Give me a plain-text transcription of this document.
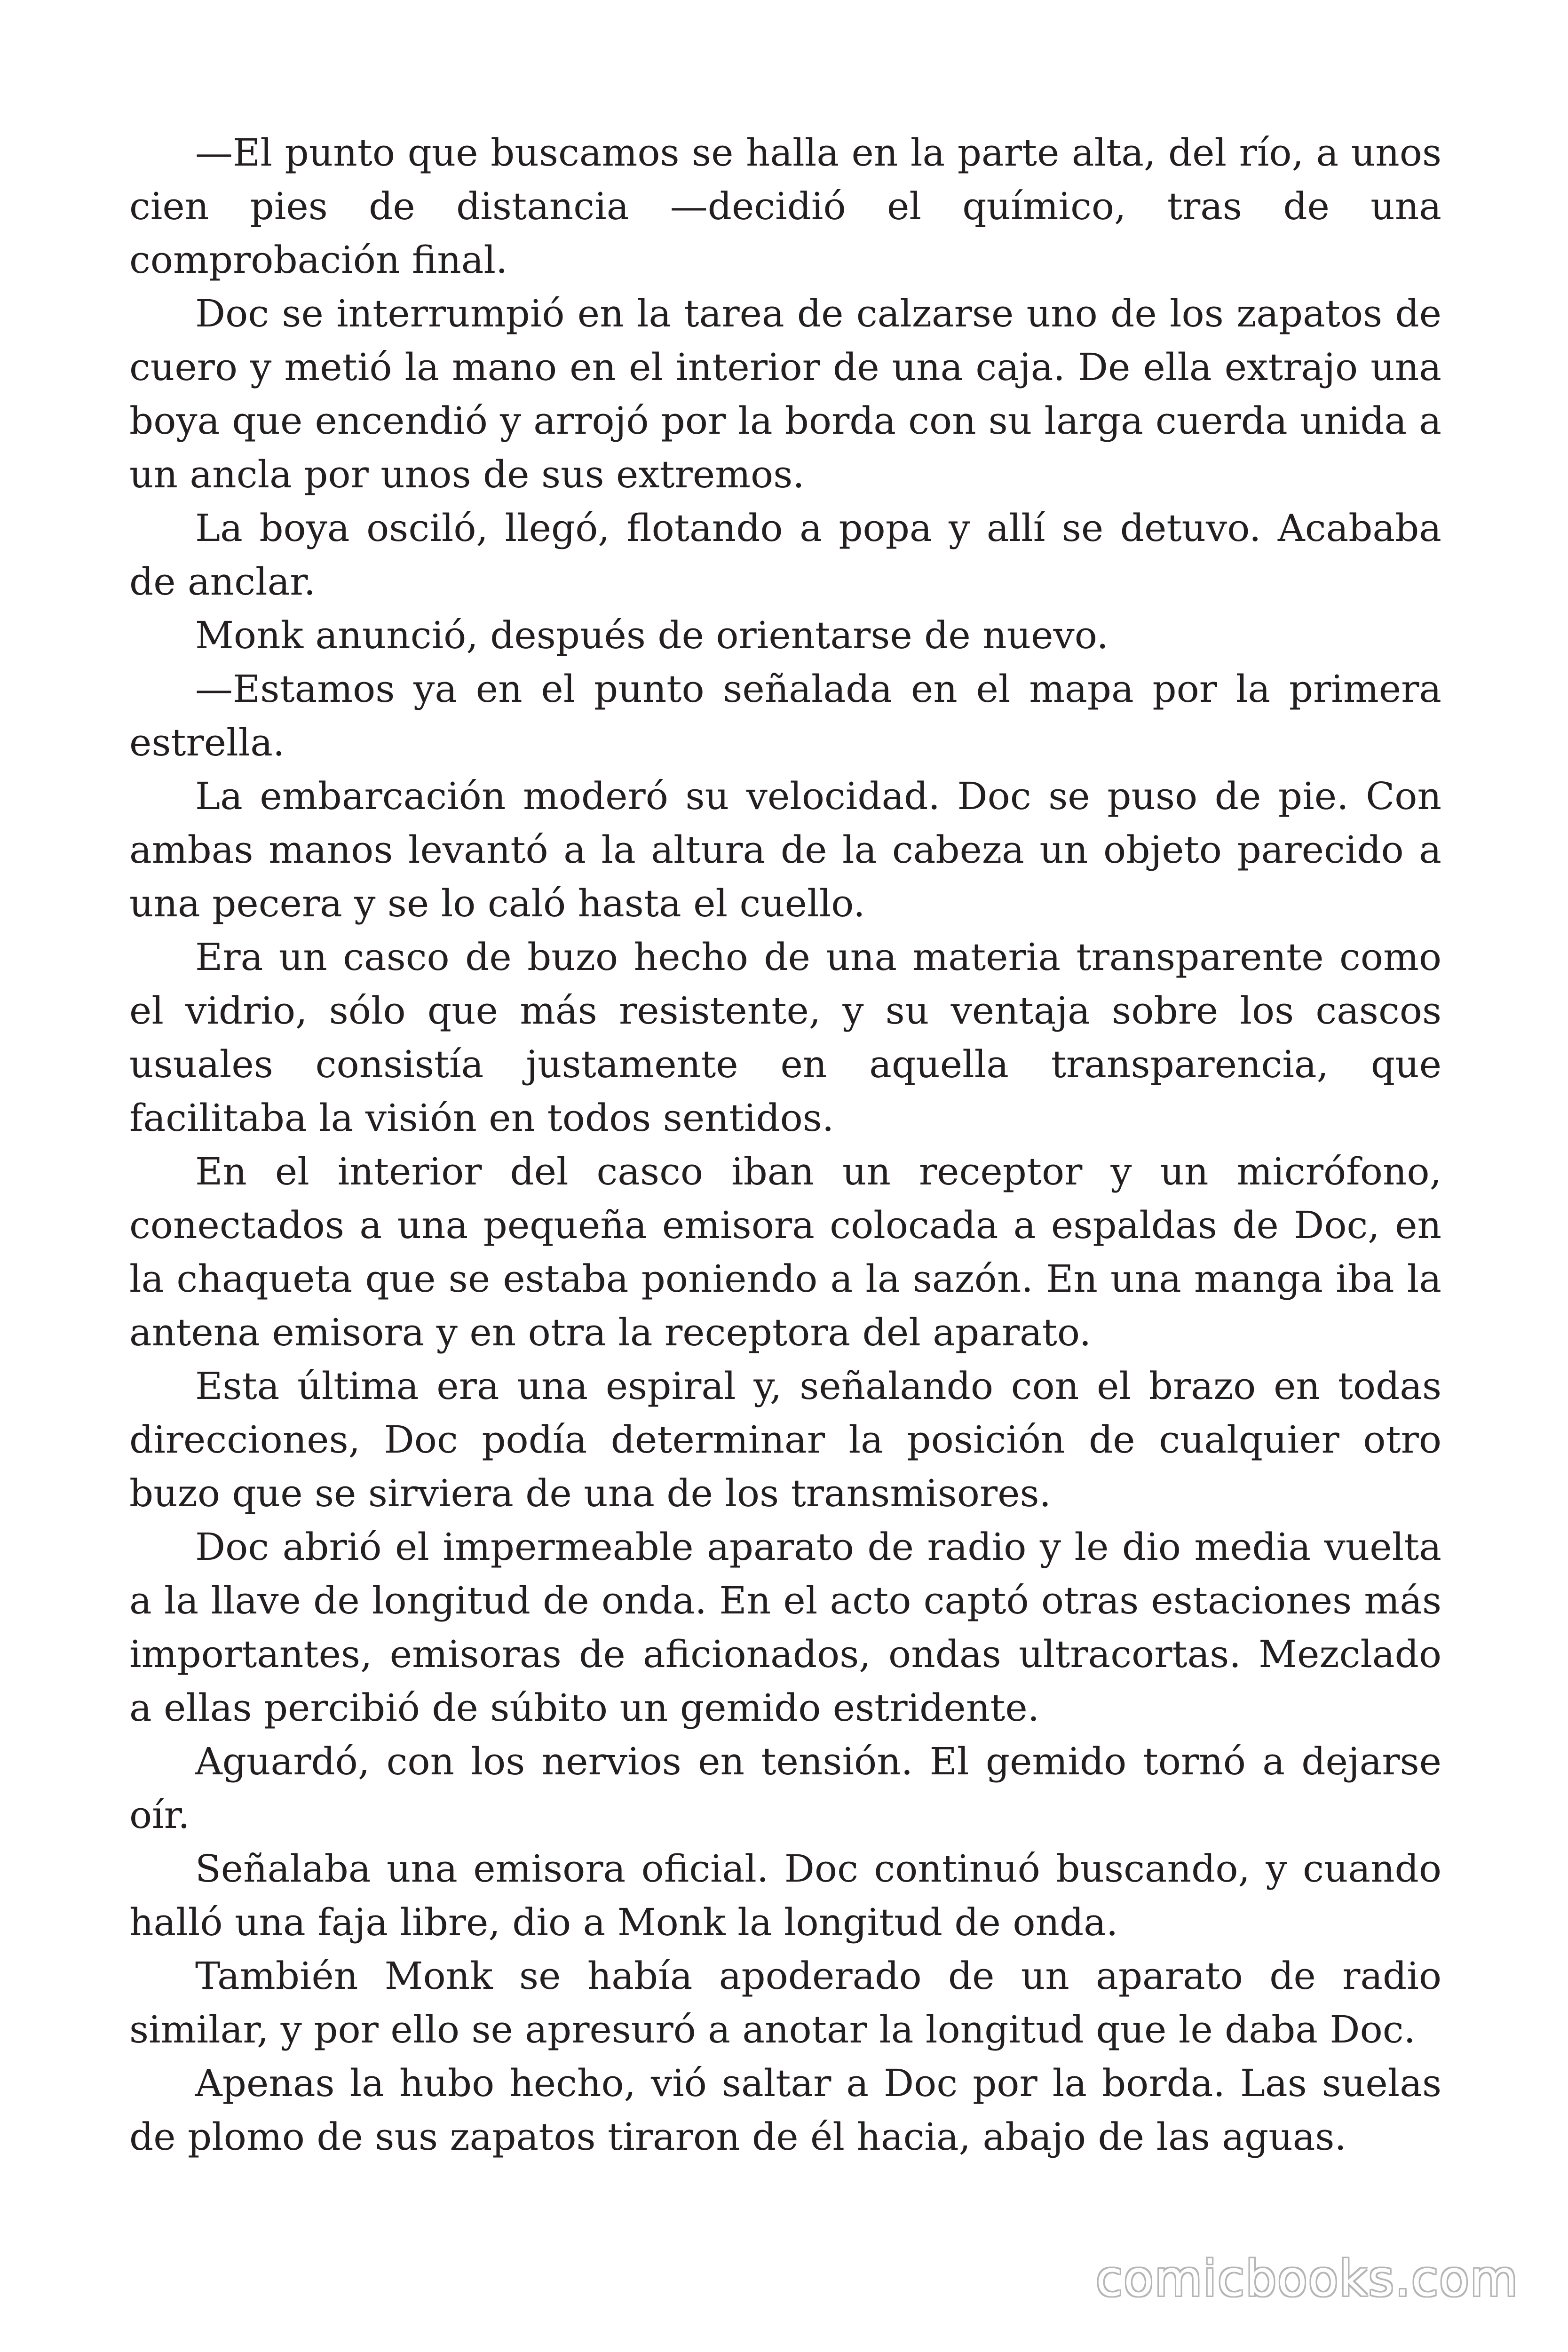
—El punto que buscamos se halla en la parte alta, del río, a unos cien pies de distancia —decidió el químico, tras de una comprobación final.

Doc se interrumpió en la tarea de calzarse uno de los zapatos de cuero y metió la mano en el interior de una caja. De ella extrajo una boya que encendió y arrojó por la borda con su larga cuerda unida a un ancla por unos de sus extremos.

La boya osciló, llegó, flotando a popa y allí se detuvo. Acababa de anclar.

Monk anunció, después de orientarse de nuevo.

—Estamos ya en el punto señalada en el mapa por la primera estrella.

La embarcación moderó su velocidad. Doc se puso de pie. Con ambas manos levantó a la altura de la cabeza un objeto parecido a una pecera y se lo caló hasta el cuello.

Era un casco de buzo hecho de una materia transparente como el vidrio, sólo que más resistente, y su ventaja sobre los cascos usuales consistía justamente en aquella transparencia, que facilitaba la visión en todos sentidos.

En el interior del casco iban un receptor y un micrófono, conectados a una pequeña emisora colocada a espaldas de Doc, en la chaqueta que se estaba poniendo a la sazón. En una manga iba la antena emisora y en otra la receptora del aparato.

Esta última era una espiral y, señalando con el brazo en todas direcciones, Doc podía determinar la posición de cualquier otro buzo que se sirviera de una de los transmisores.

Doc abrió el impermeable aparato de radio y le dio media vuelta a la llave de longitud de onda. En el acto captó otras estaciones más importantes, emisoras de aficionados, ondas ultracortas. Mezclado a ellas percibió de súbito un gemido estridente.

Aguardó, con los nervios en tensión. El gemido tornó a dejarse oír.

Señalaba una emisora oficial. Doc continuó buscando, y cuando halló una faja libre, dio a Monk la longitud de onda.

También Monk se había apoderado de un aparato de radio similar, y por ello se apresuró a anotar la longitud que le daba Doc.

Apenas la hubo hecho, vió saltar a Doc por la borda. Las suelas de plomo de sus zapatos tiraron de él hacia, abajo de las aguas.

comicbooks.com
